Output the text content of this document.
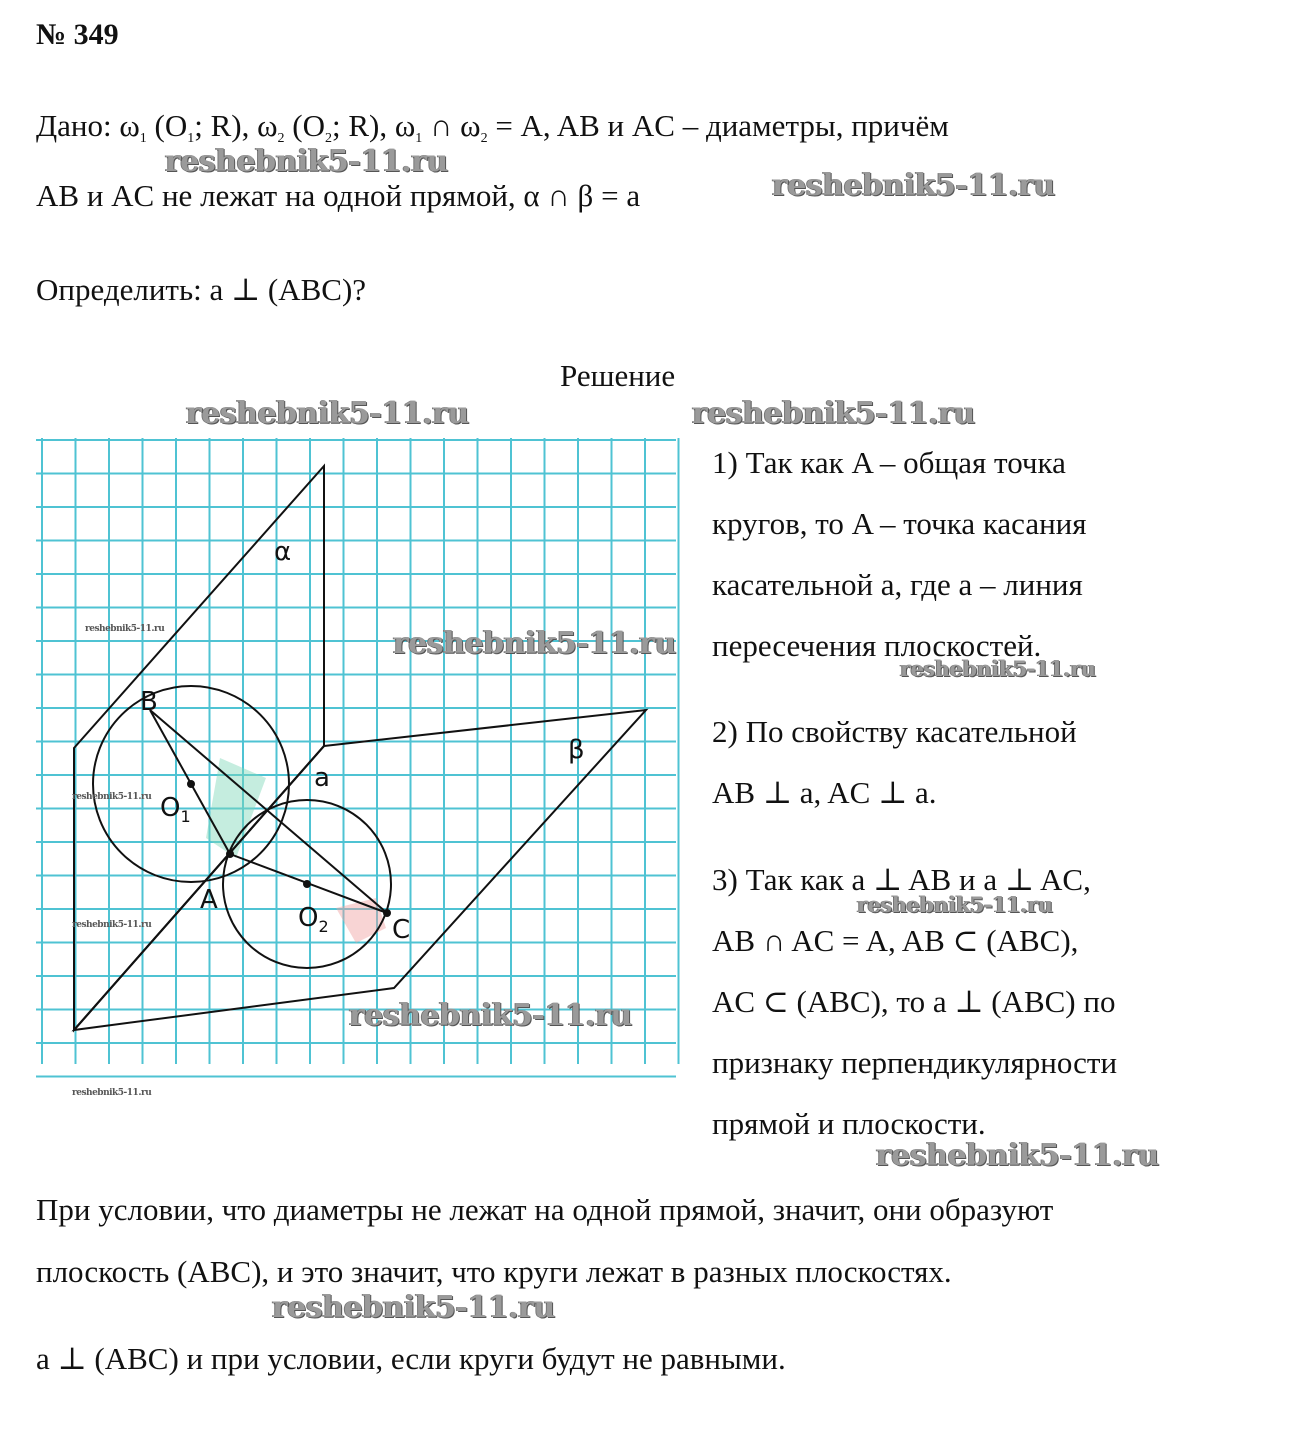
№ 349
Дано: $\omega_1$ ($O_1$; R), $\omega_2$ ($O_2$; R), $\omega_1$ ∩ $\omega_2 = A$, AB и AC – диаметры, причём
AB и AC не лежат на одной прямой, α ∩ β = a
Определить: a ⊥ (ABC)?
Решение
α
β
a
B
A
C
$O_1$
$O_2$
1) Так как A – общая точка
кругов, то A – точка касания
касательной a, где a – линия
пересечения плоскостей.
2) По свойству касательной
AB ⊥ a, AC ⊥ a.
3) Так как a ⊥ AB и a ⊥ AC,
AB ∩ AC = A, AB ⊂ (ABC),
AC ⊂ (ABC), то a ⊥ (ABC) по
признаку перпендикулярности
прямой и плоскости.
При условии, что диаметры не лежат на одной прямой, значит, они образуют
плоскость (ABC), и это значит, что круги лежат в разных плоскостях.
a ⊥ (ABC) и при условии, если круги будут не равными.
reshebnik5-11.ru
reshebnik5-11.ru
reshebnik5-11.ru	reshebnik5-11.ru
reshebnik5-11.ru
reshebnik5-11.ru
reshebnik5-11.ru
reshebnik5-11.ru
reshebnik5-11.ru
reshebnik5-11.ru
reshebnik5-11.ru
reshebnik5-11.ru
reshebnik5-11.ru
reshebnik5-11.ru
